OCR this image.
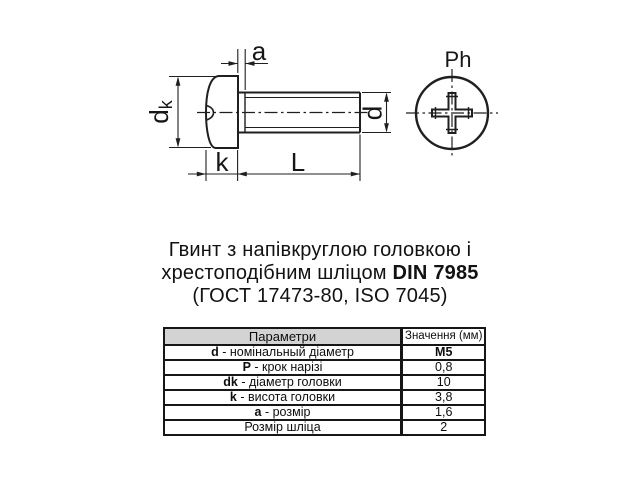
a
dk
k L
d
Ph
Гвинт з напівкруглою головкою і
хрестоподібним шліцом DIN 7985
(ГОСТ 17473-80, ISO 7045)
Параметри	Значення (мм)
d - номінальный діаметр	M5
P - крок нарізі	0,8
dk - діаметр головки	10
k - висота головки	3,8
a - розмір	1,6
Розмір шліца	2
